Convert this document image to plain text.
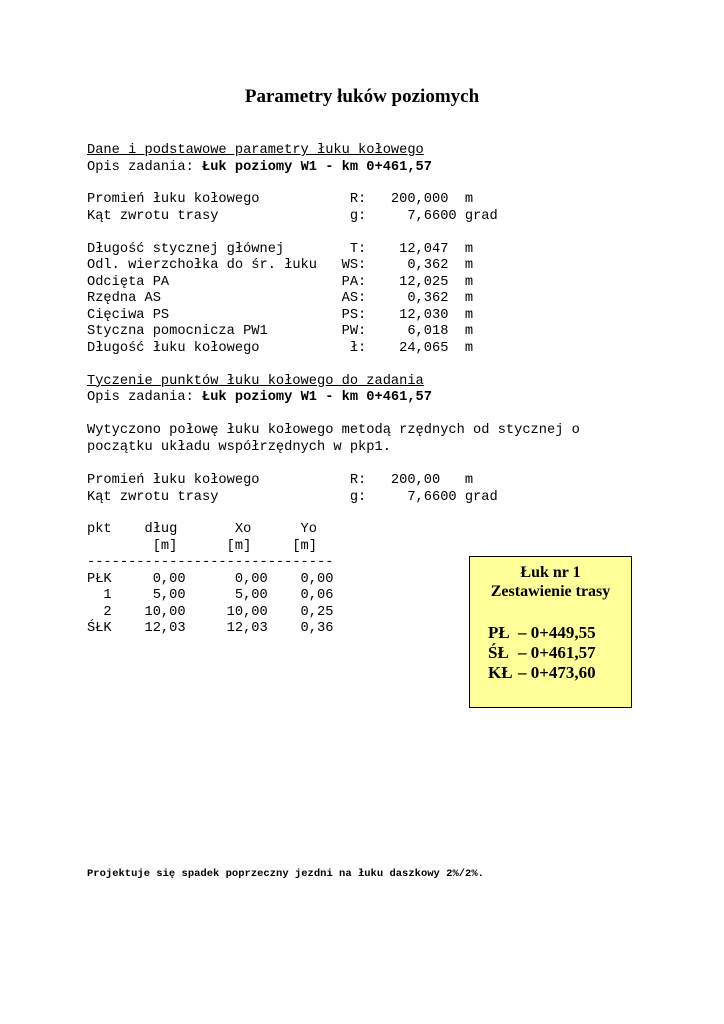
Parametry łuków poziomych
Dane i podstawowe parametry łuku kołowego
Opis zadania: Łuk poziomy W1 - km 0+461,57
Promień łuku kołowego           R:   200,000  m
Kąt zwrotu trasy                g:     7,6600 grad
Długość stycznej głównej        T:    12,047  m
Odl. wierzchołka do śr. łuku   WS:     0,362  m
Odcięta PA                     PA:    12,025  m
Rzędna AS                      AS:     0,362  m
Cięciwa PS                     PS:    12,030  m
Styczna pomocnicza PW1         PW:     6,018  m
Długość łuku kołowego           ł:    24,065  m
Tyczenie punktów łuku kołowego do zadania
Opis zadania: Łuk poziomy W1 - km 0+461,57
Wytyczono połowę łuku kołowego metodą rzędnych od stycznej o
początku układu współrzędnych w pkp1.
Promień łuku kołowego           R:   200,00   m
Kąt zwrotu trasy                g:     7,6600 grad
pkt    dług       Xo      Yo
[m]      [m]     [m]
------------------------------
PŁK     0,00      0,00    0,00
1     5,00      5,00    0,06
2    10,00     10,00    0,25
ŚŁK    12,03     12,03    0,36
Łuk nr 1
Zestawienie trasy
PŁ – 0+449,55
ŚŁ – 0+461,57
KŁ – 0+473,60
Projektuje się spadek poprzeczny jezdni na łuku daszkowy 2%/2%.
